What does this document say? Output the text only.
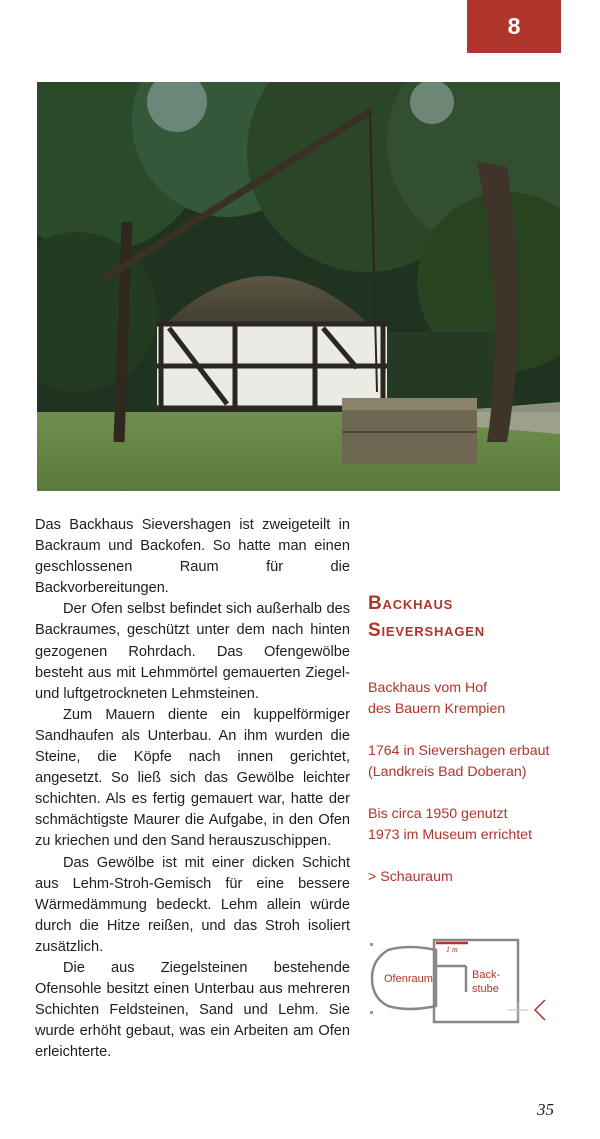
8

Das Backhaus Sievershagen ist zweigeteilt in Backraum und Backofen. So hatte man einen geschlossenen Raum für die Backvorbereitungen.

Der Ofen selbst befindet sich außerhalb des Backraumes, geschützt unter dem nach hinten gezogenen Rohrdach. Das Ofengewölbe besteht aus mit Lehmmörtel gemauerten Ziegel- und luftgetrockneten Lehmsteinen.

Zum Mauern diente ein kuppelförmiger Sandhaufen als Unterbau. An ihm wurden die Steine, die Köpfe nach innen gerichtet, angesetzt. So ließ sich das Gewölbe leichter schichten. Als es fertig gemauert war, hatte der schmächtigste Maurer die Aufgabe, in den Ofen zu kriechen und den Sand herauszuschippen.

Das Gewölbe ist mit einer dicken Schicht aus Lehm-Stroh-Gemisch für eine bessere Wärmedämmung bedeckt. Lehm allein würde durch die Hitze reißen, und das Stroh isoliert zusätzlich.

Die aus Ziegelsteinen bestehende Ofensohle besitzt einen Unterbau aus mehreren Schichten Feldsteinen, Sand und Lehm. Sie wurde erhöht gebaut, was ein Arbeiten am Ofen erleichterte.

Backhaus
Sievershagen
Backhaus vom Hof
des Bauern Krempien
1764 in Sievershagen erbaut
(Landkreis Bad Doberan)
Bis circa 1950 genutzt
1973 im Museum errichtet
> Schauraum
1 m
Ofenraum	Back-
stube
35
